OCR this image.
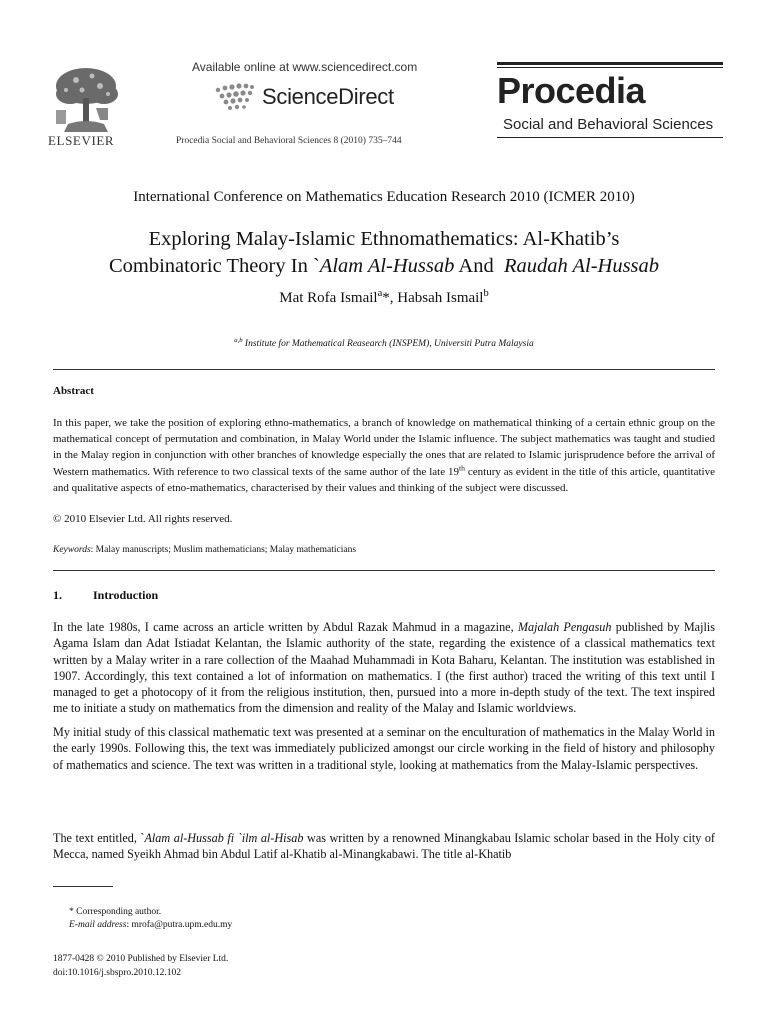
Available online at www.sciencedirect.com
ScienceDirect
Procedia Social and Behavioral Sciences 8 (2010) 735–744
ELSEVIER
Procedia
Social and Behavioral Sciences
International Conference on Mathematics Education Research 2010 (ICMER 2010)
Exploring Malay-Islamic Ethnomathematics: Al-Khatib’s
Combinatoric Theory In `Alam Al-Hussab And  Raudah Al-Hussab
Mat Rofa Ismail$^a$*, Habsah Ismail$^b$
$^{a,b}$ Institute for Mathematical Reasearch (INSPEM), Universiti Putra Malaysia
Abstract
In this paper, we take the position of exploring ethno-mathematics, a branch of knowledge on mathematical thinking of a certain ethnic group on the mathematical concept of permutation and combination, in Malay World under the Islamic influence. The subject mathematics was taught and studied in the Malay region in conjunction with other branches of knowledge especially the ones that are related to Islamic jurisprudence before the arrival of Western mathematics. With reference to two classical texts of the same author of the late 19th century as evident in the title of this article, quantitative and qualitative aspects of etno-mathematics, characterised by their values and thinking of the subject were discussed.
© 2010 Elsevier Ltd. All rights reserved.
Keywords: Malay manuscripts; Muslim mathematicians; Malay mathematicians
1.	Introduction
In the late 1980s, I came across an article written by Abdul Razak Mahmud in a magazine, Majalah Pengasuh published by Majlis Agama Islam dan Adat Istiadat Kelantan, the Islamic authority of the state, regarding the existence of a classical mathematics text written by a Malay writer in a rare collection of the Maahad Muhammadi in Kota Baharu, Kelantan. The institution was established in 1907. Accordingly, this text contained a lot of information on mathematics. I (the first author) traced the writing of this text until I managed to get a photocopy of it from the religious institution, then, pursued into a more in-depth study of the text. The text inspired me to initiate a study on mathematics from the dimension and reality of the Malay and Islamic worldviews.
My initial study of this classical mathematic text was presented at a seminar on the enculturation of mathematics in the Malay World in the early 1990s. Following this, the text was immediately publicized amongst our circle working in the field of history and philosophy of mathematics and science. The text was written in a traditional style, looking at mathematics from the Malay-Islamic perspectives.
The text entitled, `Alam al-Hussab fi `ilm al-Hisab was written by a renowned Minangkabau Islamic scholar based in the Holy city of Mecca, named Syeikh Ahmad bin Abdul Latif al-Khatib al-Minangkabawi. The title al-Khatib
* Corresponding author.
E-mail address: mrofa@putra.upm.edu.my
1877-0428 © 2010 Published by Elsevier Ltd.
doi:10.1016/j.sbspro.2010.12.102
